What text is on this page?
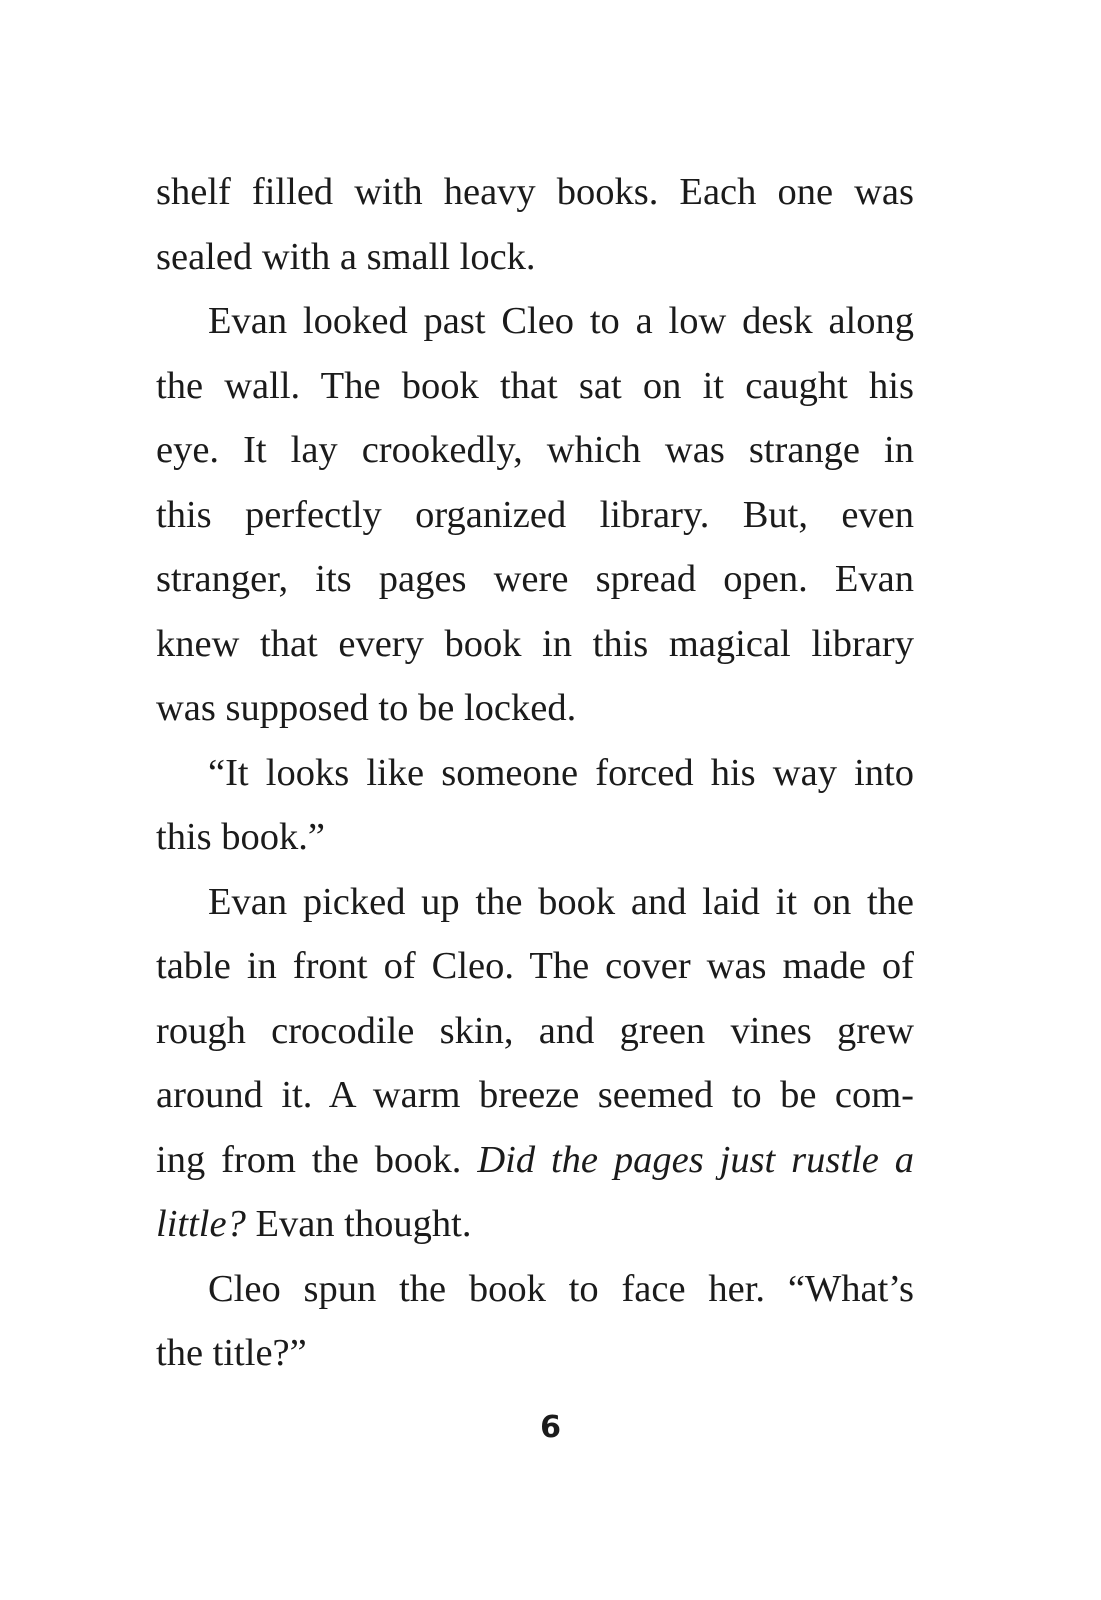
shelf filled with heavy books. Each one was
sealed with a small lock.
Evan looked past Cleo to a low desk along
the wall. The book that sat on it caught his
eye. It lay crookedly, which was strange in
this perfectly organized library. But, even
stranger, its pages were spread open. Evan
knew that every book in this magical library
was supposed to be locked.
“It looks like someone forced his way into
this book.”
Evan picked up the book and laid it on the
table in front of Cleo. The cover was made of
rough crocodile skin, and green vines grew
around it. A warm breeze seemed to be com-
ing from the book. Did the pages just rustle a
little? Evan thought.
Cleo spun the book to face her. “What’s
the title?”
6
